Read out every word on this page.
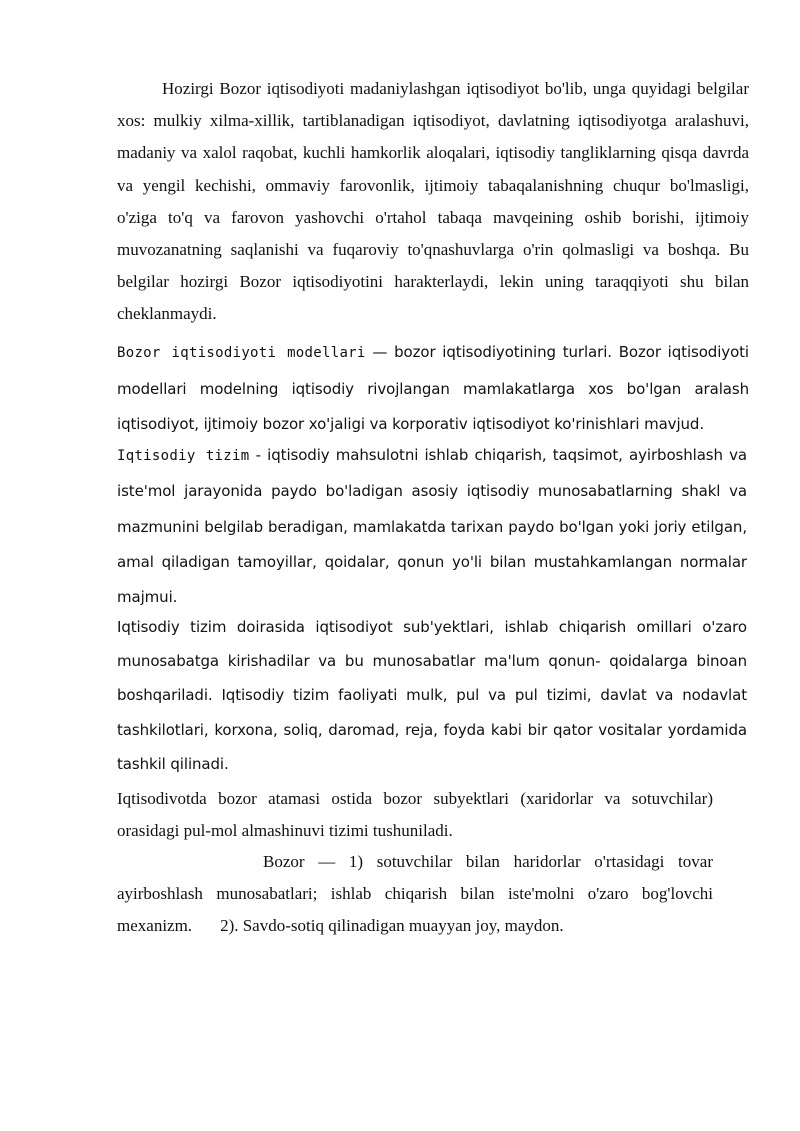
Hozirgi Bozor iqtisodiyoti madaniylashgan iqtisodiyot bo'lib, unga quyidagi belgilar xos: mulkiy xilma-xillik, tartiblanadigan iqtisodiyot, davlatning iqtisodiyotga aralashuvi, madaniy va xalol raqobat, kuchli hamkorlik aloqalari, iqtisodiy tangliklarning qisqa davrda va yengil kechishi, ommaviy farovonlik, ijtimoiy tabaqalanishning chuqur bo'lmasligi, o'ziga to'q va farovon yashovchi o'rtahol tabaqa mavqeining oshib borishi, ijtimoiy muvozanatning saqlanishi va fuqaroviy to'qnashuvlarga o'rin qolmasligi va boshqa. Bu belgilar hozirgi Bozor iqtisodiyotini harakterlaydi, lekin uning taraqqiyoti shu bilan cheklanmaydi.

Bozor iqtisodiyoti modellari — bozor iqtisodiyotining turlari. Bozor iqtisodiyoti modellari modelning iqtisodiy rivojlangan mamlakatlarga xos bo'lgan aralash iqtisodiyot, ijtimoiy bozor xo'jaligi va korporativ iqtisodiyot ko'rinishlari mavjud.

Iqtisodiy tizim - iqtisodiy mahsulotni ishlab chiqarish, taqsimot, ayirboshlash va iste'mol jarayonida paydo bo'ladigan asosiy iqtisodiy munosabatlarning shakl va mazmunini belgilab beradigan, mamlakatda tarixan paydo bo'lgan yoki joriy etilgan, amal qiladigan tamoyillar, qoidalar, qonun yo'li bilan mustahkamlangan normalar majmui.

Iqtisodiy tizim doirasida iqtisodiyot sub'yektlari, ishlab chiqarish omillari o'zaro munosabatga kirishadilar va bu munosabatlar ma'lum qonun- qoidalarga binoan boshqariladi. Iqtisodiy tizim faoliyati mulk, pul va pul tizimi, davlat va nodavlat tashkilotlari, korxona, soliq, daromad, reja, foyda kabi bir qator vositalar yordamida tashkil qilinadi.

Iqtisodivotda bozor atamasi ostida bozor subyektlari (xaridorlar va sotuvchilar) orasidagi pul-mol almashinuvi tizimi tushuniladi.

Bozor — 1) sotuvchilar bilan haridorlar o'rtasidagi tovar
ayirboshlash munosabatlari; ishlab chiqarish bilan iste'molni o'zaro bog'lovchi
mexanizm. 2). Savdo-sotiq qilinadigan muayyan joy, maydon.
